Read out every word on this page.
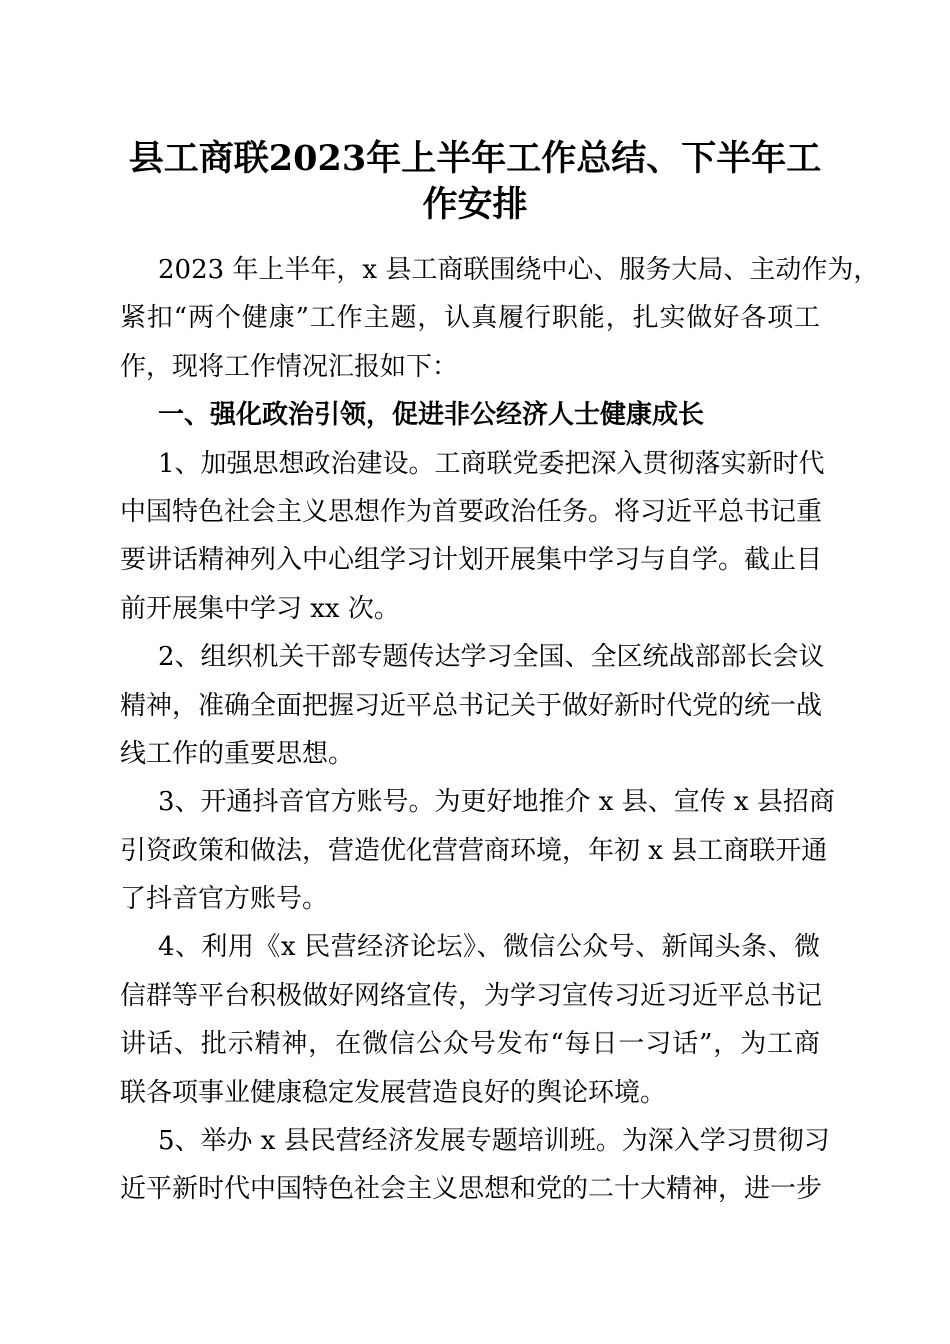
县工商联2023年上半年工作总结、下半年工
作安排
2023 年上半年，x 县工商联围绕中心、服务大局、主动作为，
紧扣“两个健康”工作主题，认真履行职能，扎实做好各项工
作，现将工作情况汇报如下：
一、强化政治引领，促进非公经济人士健康成长
1、加强思想政治建设。工商联党委把深入贯彻落实新时代
中国特色社会主义思想作为首要政治任务。将习近平总书记重
要讲话精神列入中心组学习计划开展集中学习与自学。截止目
前开展集中学习 xx 次。
2、组织机关干部专题传达学习全国、全区统战部部长会议
精神，准确全面把握习近平总书记关于做好新时代党的统一战
线工作的重要思想。
3、开通抖音官方账号。为更好地推介 x 县、宣传 x 县招商
引资政策和做法，营造优化营营商环境，年初 x 县工商联开通
了抖音官方账号。
4、利用《x 民营经济论坛》、微信公众号、新闻头条、微
信群等平台积极做好网络宣传，为学习宣传习近习近平总书记
讲话、批示精神，在微信公众号发布“每日一习话”，为工商
联各项事业健康稳定发展营造良好的舆论环境。
5、举办 x 县民营经济发展专题培训班。为深入学习贯彻习
近平新时代中国特色社会主义思想和党的二十大精神，进一步
